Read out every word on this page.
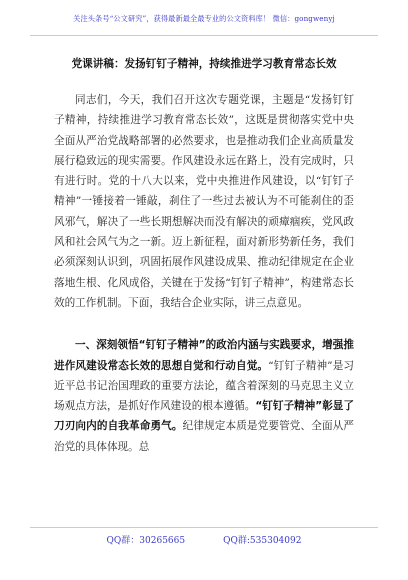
关注头条号“公文研究”，获得最新最全最专业的公文资料库！ 微信：gongwenyj
党课讲稿：发扬钉钉子精神，持续推进学习教育常态长效

同志们，今天，我们召开这次专题党课，主题是“发扬钉钉子精神，持续推进学习教育常态长效”，这既是贯彻落实党中央全面从严治党战略部署的必然要求，也是推动我们企业高质量发展行稳致远的现实需要。作风建设永远在路上，没有完成时，只有进行时。党的十八大以来，党中央推进作风建设，以“钉钉子精神”一锤接着一锤敲，刹住了一些过去被认为不可能刹住的歪风邪气，解决了一些长期想解决而没有解决的顽瘴痼疾，党风政风和社会风气为之一新。迈上新征程，面对新形势新任务，我们必须深刻认识到，巩固拓展作风建设成果、推动纪律规定在企业落地生根、化风成俗，关键在于发扬“钉钉子精神”，构建常态长效的工作机制。下面，我结合企业实际，讲三点意见。

一、深刻领悟“钉钉子精神”的政治内涵与实践要求，增强推进作风建设常态长效的思想自觉和行动自觉。“钉钉子精神”是习近平总书记治国理政的重要方法论，蕴含着深刻的马克思主义立场观点方法，是抓好作风建设的根本遵循。“钉钉子精神”彰显了刀刃向内的自我革命勇气。纪律规定本质是党要管党、全面从严治党的具体体现。总

QQ群：30265665	QQ群:535304092
